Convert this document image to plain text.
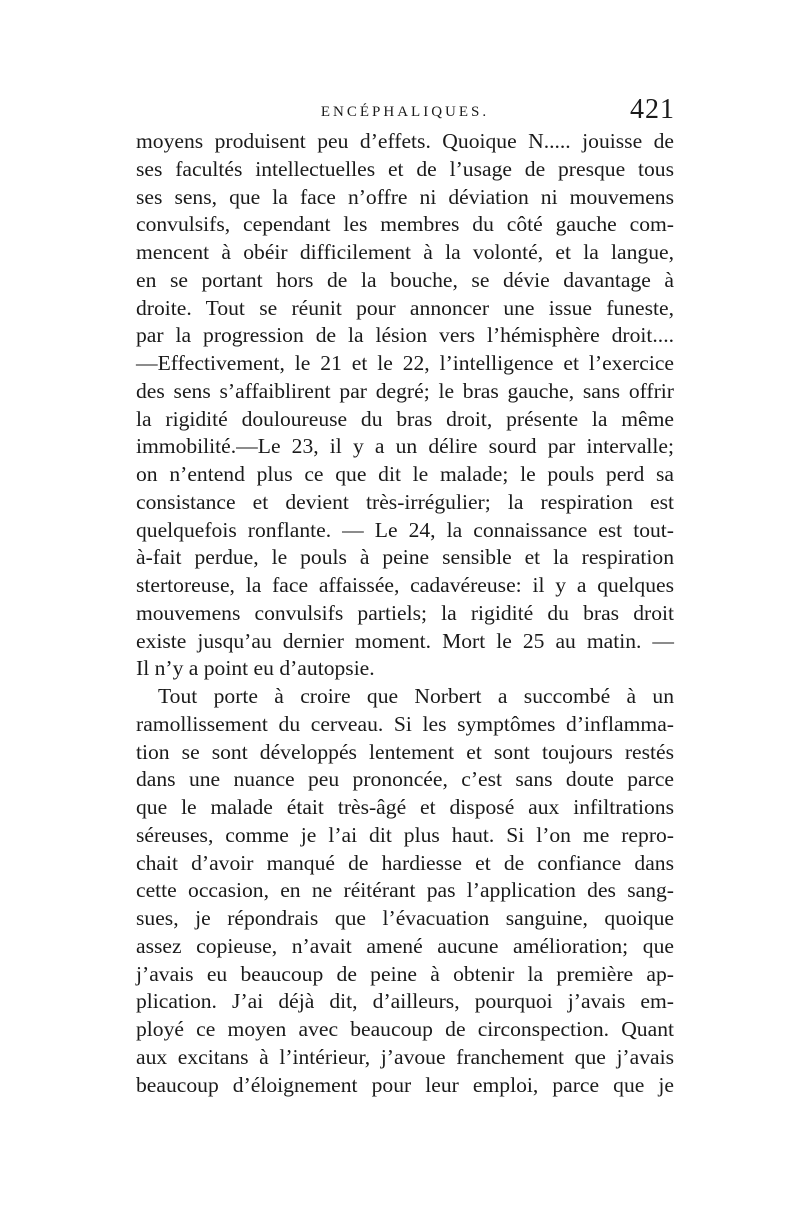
ENCÉPHALIQUES.	421
moyens produisent peu d’effets. Quoique N..... jouisse de
ses facultés intellectuelles et de l’usage de presque tous
ses sens, que la face n’offre ni déviation ni mouvemens
convulsifs, cependant les membres du côté gauche com-
mencent à obéir difficilement à la volonté, et la langue,
en se portant hors de la bouche, se dévie davantage à
droite. Tout se réunit pour annoncer une issue funeste,
par la progression de la lésion vers l’hémisphère droit....
—Effectivement, le 21 et le 22, l’intelligence et l’exercice
des sens s’affaiblirent par degré; le bras gauche, sans offrir
la rigidité douloureuse du bras droit, présente la même
immobilité.—Le 23, il y a un délire sourd par intervalle;
on n’entend plus ce que dit le malade; le pouls perd sa
consistance et devient très-irrégulier; la respiration est
quelquefois ronflante. — Le 24, la connaissance est tout-
à-fait perdue, le pouls à peine sensible et la respiration
stertoreuse, la face affaissée, cadavéreuse: il y a quelques
mouvemens convulsifs partiels; la rigidité du bras droit
existe jusqu’au dernier moment. Mort le 25 au matin. —
Il n’y a point eu d’autopsie.
Tout porte à croire que Norbert a succombé à un
ramollissement du cerveau. Si les symptômes d’inflamma-
tion se sont développés lentement et sont toujours restés
dans une nuance peu prononcée, c’est sans doute parce
que le malade était très-âgé et disposé aux infiltrations
séreuses, comme je l’ai dit plus haut. Si l’on me repro-
chait d’avoir manqué de hardiesse et de confiance dans
cette occasion, en ne réitérant pas l’application des sang-
sues, je répondrais que l’évacuation sanguine, quoique
assez copieuse, n’avait amené aucune amélioration; que
j’avais eu beaucoup de peine à obtenir la première ap-
plication. J’ai déjà dit, d’ailleurs, pourquoi j’avais em-
ployé ce moyen avec beaucoup de circonspection. Quant
aux excitans à l’intérieur, j’avoue franchement que j’avais
beaucoup d’éloignement pour leur emploi, parce que je
